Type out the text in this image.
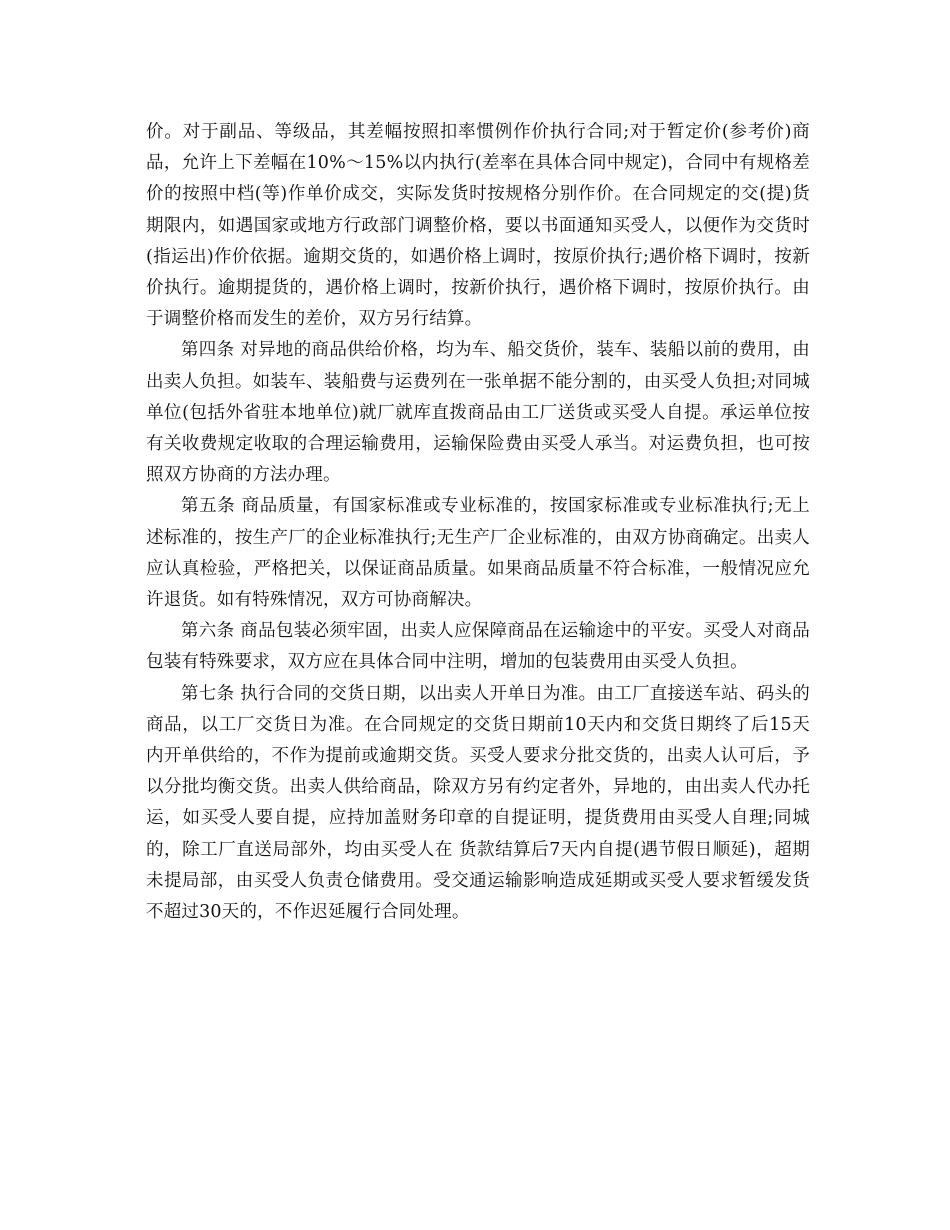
价。对于副品、等级品，其差幅按照扣率惯例作价执行合同;对于暂定价(参考价)商品，允许上下差幅在10%～15%以内执行(差率在具体合同中规定)，合同中有规格差价的按照中档(等)作单价成交，实际发货时按规格分别作价。在合同规定的交(提)货期限内，如遇国家或地方行政部门调整价格，要以书面通知买受人，以便作为交货时(指运出)作价依据。逾期交货的，如遇价格上调时，按原价执行;遇价格下调时，按新价执行。逾期提货的，遇价格上调时，按新价执行，遇价格下调时，按原价执行。由于调整价格而发生的差价，双方另行结算。

第四条 对异地的商品供给价格，均为车、船交货价，装车、装船以前的费用，由出卖人负担。如装车、装船费与运费列在一张单据不能分割的，由买受人负担;对同城单位(包括外省驻本地单位)就厂就库直拨商品由工厂送货或买受人自提。承运单位按有关收费规定收取的合理运输费用，运输保险费由买受人承当。对运费负担，也可按照双方协商的方法办理。

第五条 商品质量，有国家标准或专业标准的，按国家标准或专业标准执行;无上述标准的，按生产厂的企业标准执行;无生产厂企业标准的，由双方协商确定。出卖人应认真检验，严格把关，以保证商品质量。如果商品质量不符合标准，一般情况应允许退货。如有特殊情况，双方可协商解决。

第六条 商品包装必须牢固，出卖人应保障商品在运输途中的平安。买受人对商品包装有特殊要求，双方应在具体合同中注明，增加的包装费用由买受人负担。

第七条 执行合同的交货日期，以出卖人开单日为准。由工厂直接送车站、码头的商品，以工厂交货日为准。在合同规定的交货日期前10天内和交货日期终了后15天内开单供给的，不作为提前或逾期交货。买受人要求分批交货的，出卖人认可后，予以分批均衡交货。出卖人供给商品，除双方另有约定者外，异地的，由出卖人代办托运，如买受人要自提，应持加盖财务印章的自提证明，提货费用由买受人自理;同城的，除工厂直送局部外，均由买受人在 货款结算后7天内自提(遇节假日顺延)，超期未提局部，由买受人负责仓储费用。受交通运输影响造成延期或买受人要求暂缓发货不超过30天的，不作迟延履行合同处理。
